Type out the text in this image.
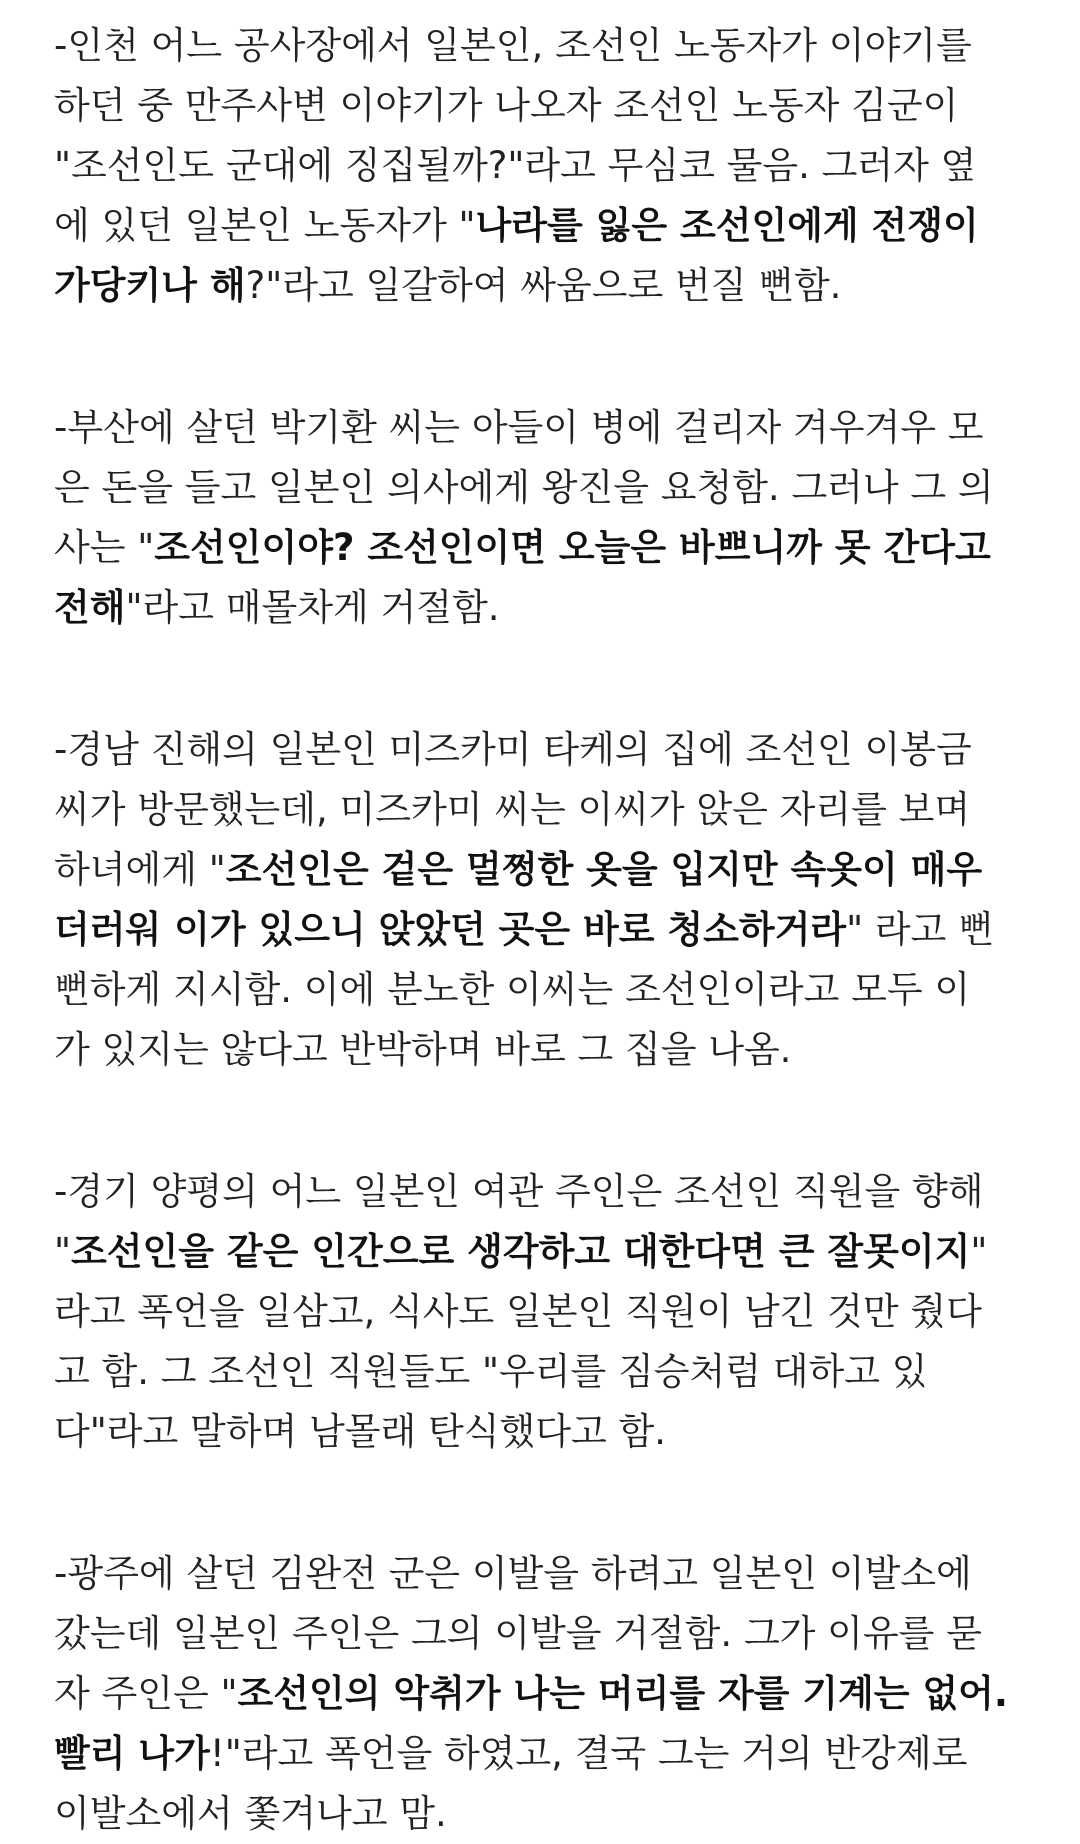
-인천 어느 공사장에서 일본인, 조선인 노동자가 이야기를
하던 중 만주사변 이야기가 나오자 조선인 노동자 김군이
"조선인도 군대에 징집될까?"라고 무심코 물음. 그러자 옆
에 있던 일본인 노동자가 "나라를 잃은 조선인에게 전쟁이
가당키나 해?"라고 일갈하여 싸움으로 번질 뻔함.
-부산에 살던 박기환 씨는 아들이 병에 걸리자 겨우겨우 모
은 돈을 들고 일본인 의사에게 왕진을 요청함. 그러나 그 의
사는 "조선인이야? 조선인이면 오늘은 바쁘니까 못 간다고
전해"라고 매몰차게 거절함.
-경남 진해의 일본인 미즈카미 타케의 집에 조선인 이봉금
씨가 방문했는데, 미즈카미 씨는 이씨가 앉은 자리를 보며
하녀에게 "조선인은 겉은 멀쩡한 옷을 입지만 속옷이 매우
더러워 이가 있으니 앉았던 곳은 바로 청소하거라" 라고 뻔
뻔하게 지시함. 이에 분노한 이씨는 조선인이라고 모두 이
가 있지는 않다고 반박하며 바로 그 집을 나옴.
-경기 양평의 어느 일본인 여관 주인은 조선인 직원을 향해
"조선인을 같은 인간으로 생각하고 대한다면 큰 잘못이지"
라고 폭언을 일삼고, 식사도 일본인 직원이 남긴 것만 줬다
고 함. 그 조선인 직원들도 "우리를 짐승처럼 대하고 있
다"라고 말하며 남몰래 탄식했다고 함.
-광주에 살던 김완전 군은 이발을 하려고 일본인 이발소에
갔는데 일본인 주인은 그의 이발을 거절함. 그가 이유를 묻
자 주인은 "조선인의 악취가 나는 머리를 자를 기계는 없어.
빨리 나가!"라고 폭언을 하였고, 결국 그는 거의 반강제로
이발소에서 쫓겨나고 맘.
